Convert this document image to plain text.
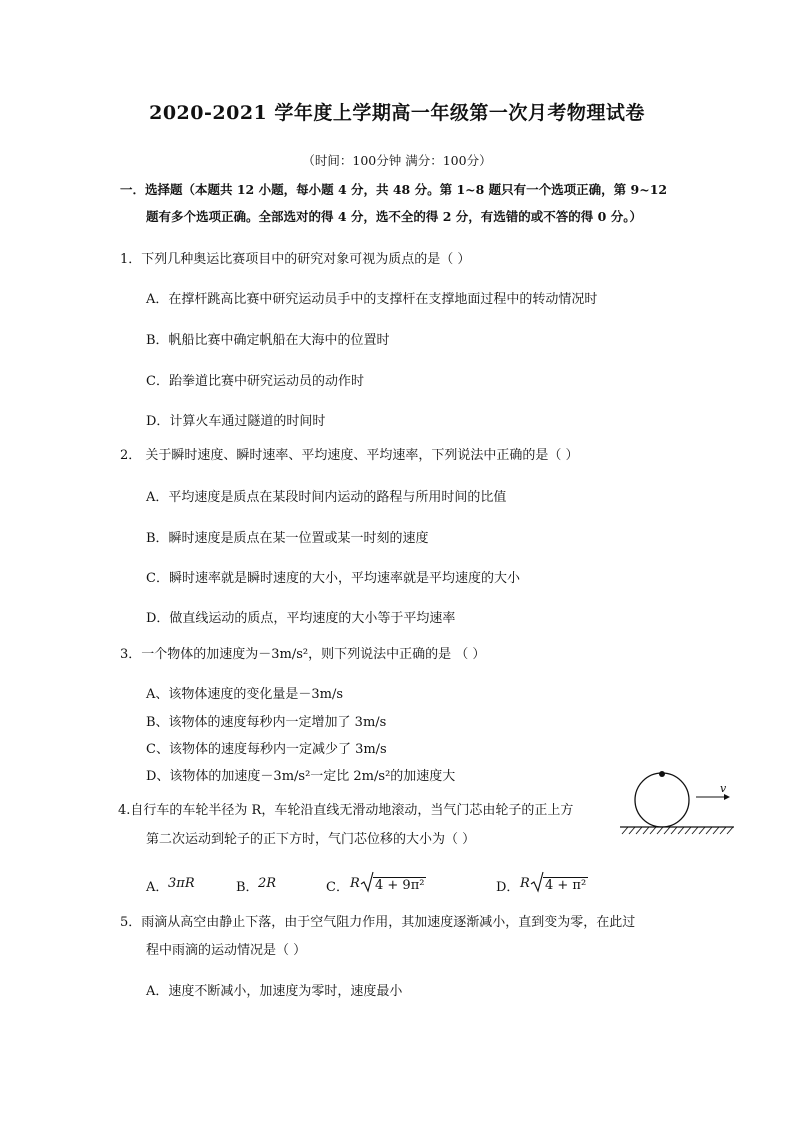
2020-2021 学年度上学期高一年级第一次月考物理试卷
（时间：100分钟 满分：100分）
一．选择题（本题共 12 小题，每小题 4 分，共 48 分。第 1~8 题只有一个选项正确，第 9~12
题有多个选项正确。全部选对的得 4 分，选不全的得 2 分，有选错的或不答的得 0 分。）
1．下列几种奥运比赛项目中的研究对象可视为质点的是（ ）
A．在撑杆跳高比赛中研究运动员手中的支撑杆在支撑地面过程中的转动情况时
B．帆船比赛中确定帆船在大海中的位置时
C．跆拳道比赛中研究运动员的动作时
D．计算火车通过隧道的时间时
2． 关于瞬时速度、瞬时速率、平均速度、平均速率，下列说法中正确的是（ ）
A．平均速度是质点在某段时间内运动的路程与所用时间的比值
B．瞬时速度是质点在某一位置或某一时刻的速度
C．瞬时速率就是瞬时速度的大小，平均速率就是平均速度的大小
D．做直线运动的质点，平均速度的大小等于平均速率
3．一个物体的加速度为－3m/s²，则下列说法中正确的是 （ ）
A、该物体速度的变化量是－3m/s
B、该物体的速度每秒内一定增加了 3m/s
C、该物体的速度每秒内一定减少了 3m/s
D、该物体的加速度－3m/s²一定比 2m/s²的加速度大
4.自行车的车轮半径为 R，车轮沿直线无滑动地滚动，当气门芯由轮子的正上方
第二次运动到轮子的正下方时，气门芯位移的大小为（ ）
v
A． 3πR	B． 2R	C． R 4 + 9π²	D． R 4 + π²
5．雨滴从高空由静止下落，由于空气阻力作用，其加速度逐渐减小，直到变为零，在此过
程中雨滴的运动情况是（ ）
A．速度不断减小，加速度为零时，速度最小
